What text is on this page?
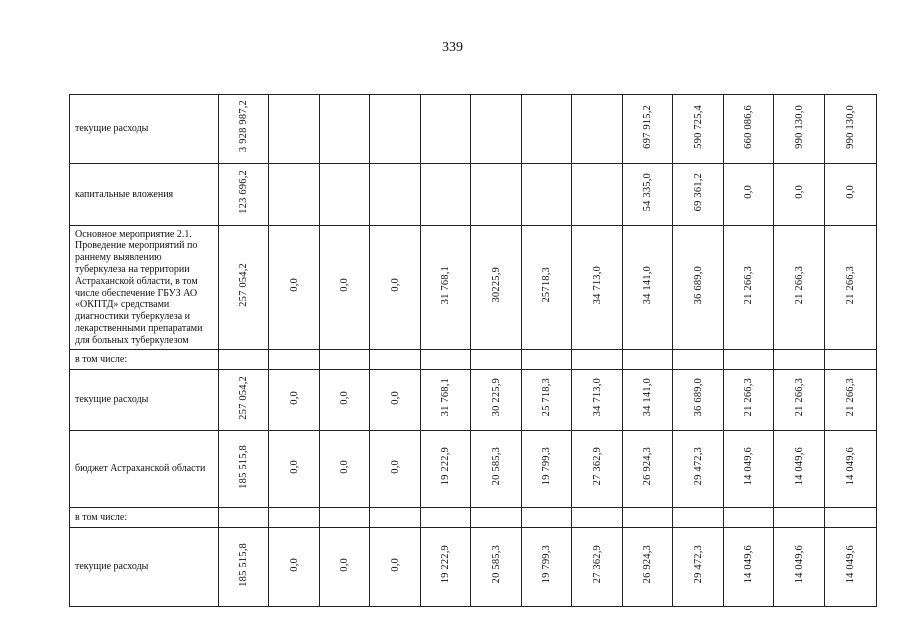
339
текущие расходы	3 928 987,2								697 915,2	590 725,4	660 086,6	990 130,0	990 130,0
капитальные вложения	123 696,2								54 335,0	69 361,2	0,0	0,0	0,0
Основное мероприятие 2.1. Проведение мероприятий по раннему выявлению туберкулеза на территории Астраханской области, в том числе обеспечение ГБУЗ АО «ОКПТД» средствами диагностики туберкулеза и лекарственными препаратами для больных туберкулезом	257 054,2	0,0	0,0	0,0	31 768,1	30225,9	25718,3	34 713,0	34 141,0	36 689,0	21 266,3	21 266,3	21 266,3
в том числе:													
текущие расходы	257 054,2	0,0	0,0	0,0	31 768,1	30 225,9	25 718,3	34 713,0	34 141,0	36 689,0	21 266,3	21 266,3	21 266,3
бюджет Астраханской области	185 515,8	0,0	0,0	0,0	19 222,9	20 585,3	19 799,3	27 362,9	26 924,3	29 472,3	14 049,6	14 049,6	14 049,6
в том числе:													
текущие расходы	185 515,8	0,0	0,0	0,0	19 222,9	20 585,3	19 799,3	27 362,9	26 924,3	29 472,3	14 049,6	14 049,6	14 049,6
